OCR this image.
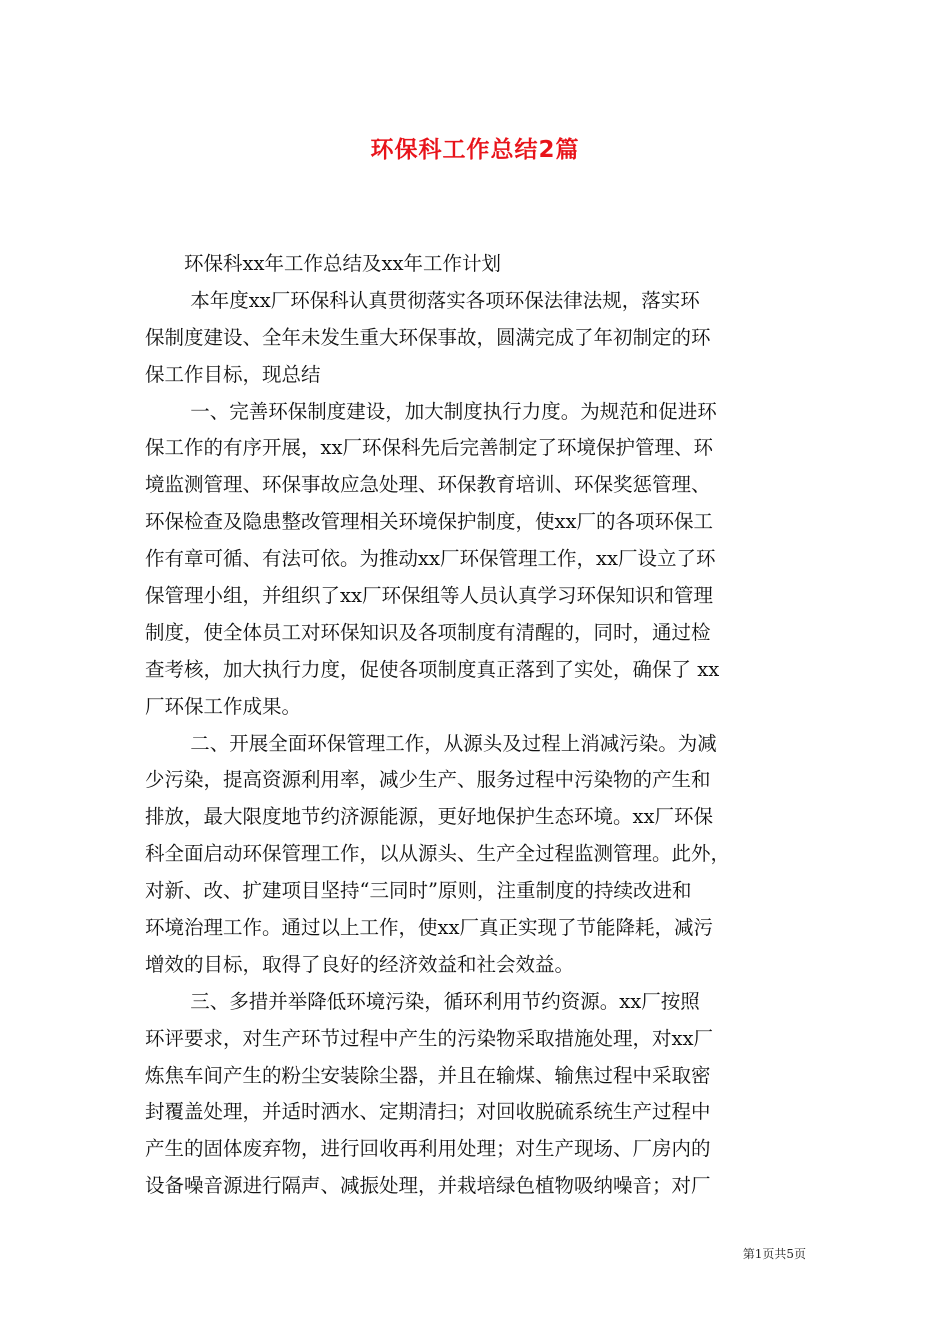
环保科工作总结2篇
　　环保科xx年工作总结及xx年工作计划
　　 本年度xx厂环保科认真贯彻落实各项环保法律法规，落实环
保制度建设、全年未发生重大环保事故，圆满完成了年初制定的环
保工作目标，现总结
　　 一、完善环保制度建设，加大制度执行力度。为规范和促进环
保工作的有序开展，xx厂环保科先后完善制定了环境保护管理、环
境监测管理、环保事故应急处理、环保教育培训、环保奖惩管理、
环保检查及隐患整改管理相关环境保护制度，使xx厂的各项环保工
作有章可循、有法可依。为推动xx厂环保管理工作，xx厂设立了环
保管理小组，并组织了xx厂环保组等人员认真学习环保知识和管理
制度，使全体员工对环保知识及各项制度有清醒的，同时，通过检
查考核，加大执行力度，促使各项制度真正落到了实处，确保了 xx
厂环保工作成果。
　　 二、开展全面环保管理工作，从源头及过程上消减污染。为减
少污染，提高资源利用率，减少生产、服务过程中污染物的产生和
排放，最大限度地节约济源能源，更好地保护生态环境。xx厂环保
科全面启动环保管理工作，以从源头、生产全过程监测管理。此外，
对新、改、扩建项目坚持“三同时”原则，注重制度的持续改进和
环境治理工作。通过以上工作，使xx厂真正实现了节能降耗，减污
增效的目标，取得了良好的经济效益和社会效益。
　　 三、多措并举降低环境污染，循环利用节约资源。xx厂按照
环评要求，对生产环节过程中产生的污染物采取措施处理，对xx厂
炼焦车间产生的粉尘安装除尘器，并且在输煤、输焦过程中采取密
封覆盖处理，并适时洒水、定期清扫；对回收脱硫系统生产过程中
产生的固体废弃物，进行回收再利用处理；对生产现场、厂房内的
设备噪音源进行隔声、减振处理，并栽培绿色植物吸纳噪音；对厂
第1页共5页
